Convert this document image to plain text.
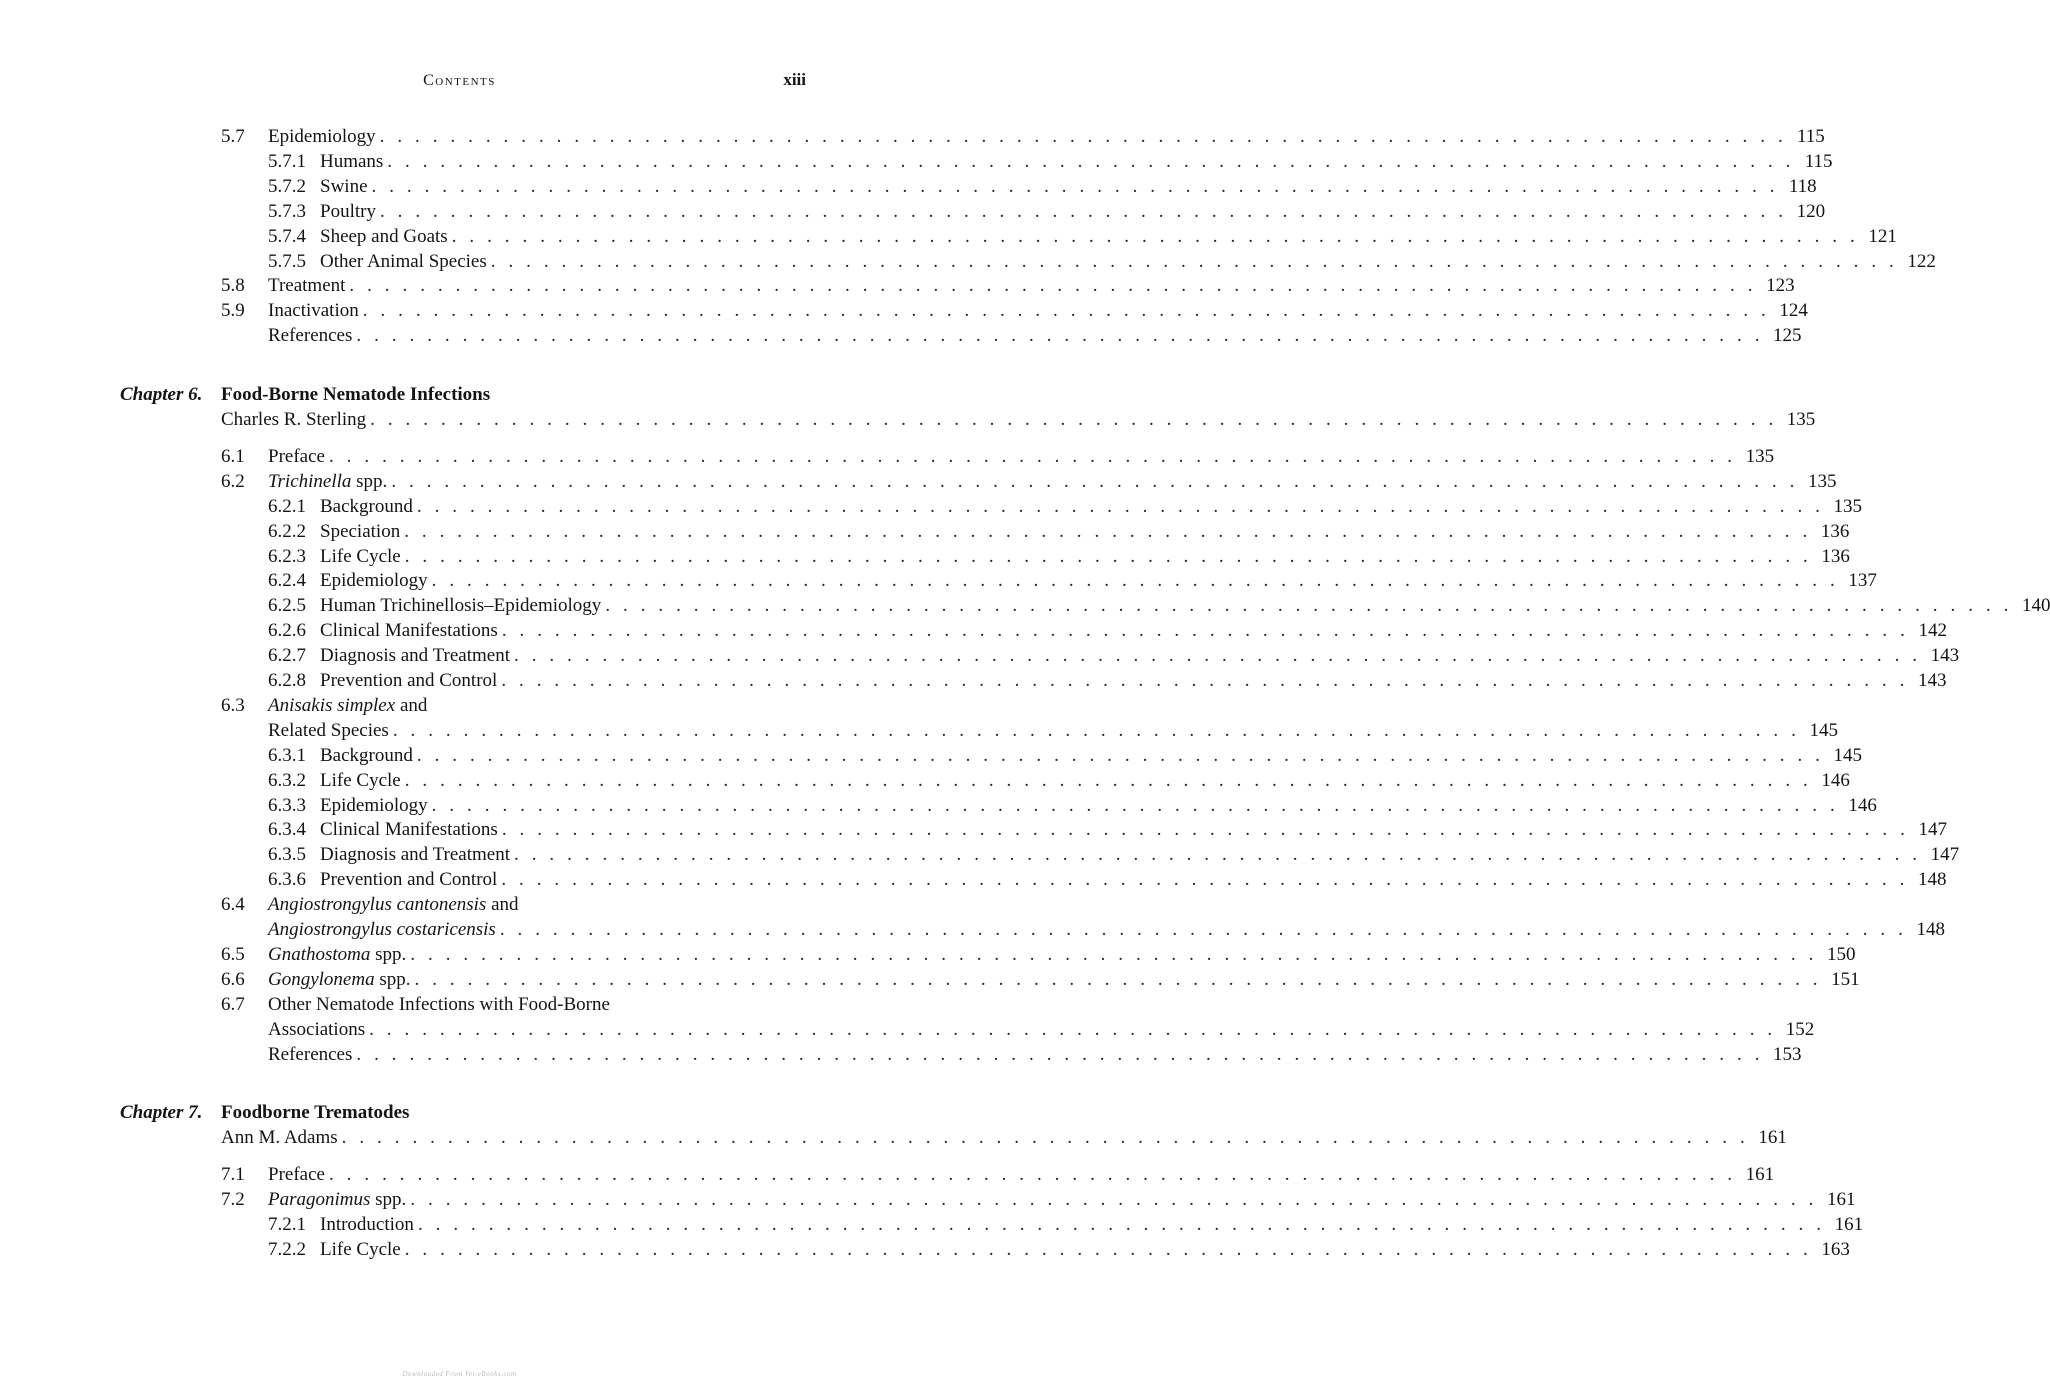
Contents	xiii
5.7 Epidemiology . . . . . . . . . . . . . . . . . . . . . . . . . . . . . . . . . . . . . . . . . . . . . . . . . . . . . . . . . . . . . . . . . . . . . . . . . . . . . . . . 115
5.7.1 Humans . . . . . . . . . . . . . . . . . . . . . . . . . . . . . . . . . . . . . . . . . . . . . . . . . . . . . . . . . . . . . . . . . . . . . . . . . . . . . . . . 115
5.7.2 Swine . . . . . . . . . . . . . . . . . . . . . . . . . . . . . . . . . . . . . . . . . . . . . . . . . . . . . . . . . . . . . . . . . . . . . . . . . . . . . . . . 118
5.7.3 Poultry . . . . . . . . . . . . . . . . . . . . . . . . . . . . . . . . . . . . . . . . . . . . . . . . . . . . . . . . . . . . . . . . . . . . . . . . . . . . . . . . 120
5.7.4 Sheep and Goats . . . . . . . . . . . . . . . . . . . . . . . . . . . . . . . . . . . . . . . . . . . . . . . . . . . . . . . . . . . . . . . . . . . . . . . . . . . . . . . . 121
5.7.5 Other Animal Species . . . . . . . . . . . . . . . . . . . . . . . . . . . . . . . . . . . . . . . . . . . . . . . . . . . . . . . . . . . . . . . . . . . . . . . . . . . . . . . . 122
5.8 Treatment . . . . . . . . . . . . . . . . . . . . . . . . . . . . . . . . . . . . . . . . . . . . . . . . . . . . . . . . . . . . . . . . . . . . . . . . . . . . . . . . 123
5.9 Inactivation . . . . . . . . . . . . . . . . . . . . . . . . . . . . . . . . . . . . . . . . . . . . . . . . . . . . . . . . . . . . . . . . . . . . . . . . . . . . . . . . 124
References . . . . . . . . . . . . . . . . . . . . . . . . . . . . . . . . . . . . . . . . . . . . . . . . . . . . . . . . . . . . . . . . . . . . . . . . . . . . . . . . 125
Chapter 6. Food-Borne Nematode Infections
Charles R. Sterling . . . . . . . . . . . . . . . . . . . . . . . . . . . . . . . . . . . . . . . . . . . . . . . . . . . . . . . . . . . . . . . . . . . . . . . . . . . . . . . . 135
6.1 Preface . . . . . . . . . . . . . . . . . . . . . . . . . . . . . . . . . . . . . . . . . . . . . . . . . . . . . . . . . . . . . . . . . . . . . . . . . . . . . . . . 135
6.2 Trichinella spp. . . . . . . . . . . . . . . . . . . . . . . . . . . . . . . . . . . . . . . . . . . . . . . . . . . . . . . . . . . . . . . . . . . . . . . . . . . . . . . . . 135
6.2.1 Background . . . . . . . . . . . . . . . . . . . . . . . . . . . . . . . . . . . . . . . . . . . . . . . . . . . . . . . . . . . . . . . . . . . . . . . . . . . . . . . . 135
6.2.2 Speciation . . . . . . . . . . . . . . . . . . . . . . . . . . . . . . . . . . . . . . . . . . . . . . . . . . . . . . . . . . . . . . . . . . . . . . . . . . . . . . . . 136
6.2.3 Life Cycle . . . . . . . . . . . . . . . . . . . . . . . . . . . . . . . . . . . . . . . . . . . . . . . . . . . . . . . . . . . . . . . . . . . . . . . . . . . . . . . . 136
6.2.4 Epidemiology . . . . . . . . . . . . . . . . . . . . . . . . . . . . . . . . . . . . . . . . . . . . . . . . . . . . . . . . . . . . . . . . . . . . . . . . . . . . . . . . 137
6.2.5 Human Trichinellosis–Epidemiology . . . . . . . . . . . . . . . . . . . . . . . . . . . . . . . . . . . . . . . . . . . . . . . . . . . . . . . . . . . . . . . . . . . . . . . . . . . . . . . . 140
6.2.6 Clinical Manifestations . . . . . . . . . . . . . . . . . . . . . . . . . . . . . . . . . . . . . . . . . . . . . . . . . . . . . . . . . . . . . . . . . . . . . . . . . . . . . . . . 142
6.2.7 Diagnosis and Treatment . . . . . . . . . . . . . . . . . . . . . . . . . . . . . . . . . . . . . . . . . . . . . . . . . . . . . . . . . . . . . . . . . . . . . . . . . . . . . . . . 143
6.2.8 Prevention and Control . . . . . . . . . . . . . . . . . . . . . . . . . . . . . . . . . . . . . . . . . . . . . . . . . . . . . . . . . . . . . . . . . . . . . . . . . . . . . . . . 143
6.3 Anisakis simplex and
Related Species . . . . . . . . . . . . . . . . . . . . . . . . . . . . . . . . . . . . . . . . . . . . . . . . . . . . . . . . . . . . . . . . . . . . . . . . . . . . . . . . 145
6.3.1 Background . . . . . . . . . . . . . . . . . . . . . . . . . . . . . . . . . . . . . . . . . . . . . . . . . . . . . . . . . . . . . . . . . . . . . . . . . . . . . . . . 145
6.3.2 Life Cycle . . . . . . . . . . . . . . . . . . . . . . . . . . . . . . . . . . . . . . . . . . . . . . . . . . . . . . . . . . . . . . . . . . . . . . . . . . . . . . . . 146
6.3.3 Epidemiology . . . . . . . . . . . . . . . . . . . . . . . . . . . . . . . . . . . . . . . . . . . . . . . . . . . . . . . . . . . . . . . . . . . . . . . . . . . . . . . . 146
6.3.4 Clinical Manifestations . . . . . . . . . . . . . . . . . . . . . . . . . . . . . . . . . . . . . . . . . . . . . . . . . . . . . . . . . . . . . . . . . . . . . . . . . . . . . . . . 147
6.3.5 Diagnosis and Treatment . . . . . . . . . . . . . . . . . . . . . . . . . . . . . . . . . . . . . . . . . . . . . . . . . . . . . . . . . . . . . . . . . . . . . . . . . . . . . . . . 147
6.3.6 Prevention and Control . . . . . . . . . . . . . . . . . . . . . . . . . . . . . . . . . . . . . . . . . . . . . . . . . . . . . . . . . . . . . . . . . . . . . . . . . . . . . . . . 148
6.4 Angiostrongylus cantonensis and
Angiostrongylus costaricensis . . . . . . . . . . . . . . . . . . . . . . . . . . . . . . . . . . . . . . . . . . . . . . . . . . . . . . . . . . . . . . . . . . . . . . . . . . . . . . . . 148
6.5 Gnathostoma spp. . . . . . . . . . . . . . . . . . . . . . . . . . . . . . . . . . . . . . . . . . . . . . . . . . . . . . . . . . . . . . . . . . . . . . . . . . . . . . . . . 150
6.6 Gongylonema spp. . . . . . . . . . . . . . . . . . . . . . . . . . . . . . . . . . . . . . . . . . . . . . . . . . . . . . . . . . . . . . . . . . . . . . . . . . . . . . . . . 151
6.7 Other Nematode Infections with Food-Borne
Associations . . . . . . . . . . . . . . . . . . . . . . . . . . . . . . . . . . . . . . . . . . . . . . . . . . . . . . . . . . . . . . . . . . . . . . . . . . . . . . . . 152
References . . . . . . . . . . . . . . . . . . . . . . . . . . . . . . . . . . . . . . . . . . . . . . . . . . . . . . . . . . . . . . . . . . . . . . . . . . . . . . . . 153
Chapter 7. Foodborne Trematodes
Ann M. Adams . . . . . . . . . . . . . . . . . . . . . . . . . . . . . . . . . . . . . . . . . . . . . . . . . . . . . . . . . . . . . . . . . . . . . . . . . . . . . . . . 161
7.1 Preface . . . . . . . . . . . . . . . . . . . . . . . . . . . . . . . . . . . . . . . . . . . . . . . . . . . . . . . . . . . . . . . . . . . . . . . . . . . . . . . . 161
7.2 Paragonimus spp. . . . . . . . . . . . . . . . . . . . . . . . . . . . . . . . . . . . . . . . . . . . . . . . . . . . . . . . . . . . . . . . . . . . . . . . . . . . . . . . . 161
7.2.1 Introduction . . . . . . . . . . . . . . . . . . . . . . . . . . . . . . . . . . . . . . . . . . . . . . . . . . . . . . . . . . . . . . . . . . . . . . . . . . . . . . . . 161
7.2.2 Life Cycle . . . . . . . . . . . . . . . . . . . . . . . . . . . . . . . . . . . . . . . . . . . . . . . . . . . . . . . . . . . . . . . . . . . . . . . . . . . . . . . . 163
Downloaded From Vet-eBooks.com
